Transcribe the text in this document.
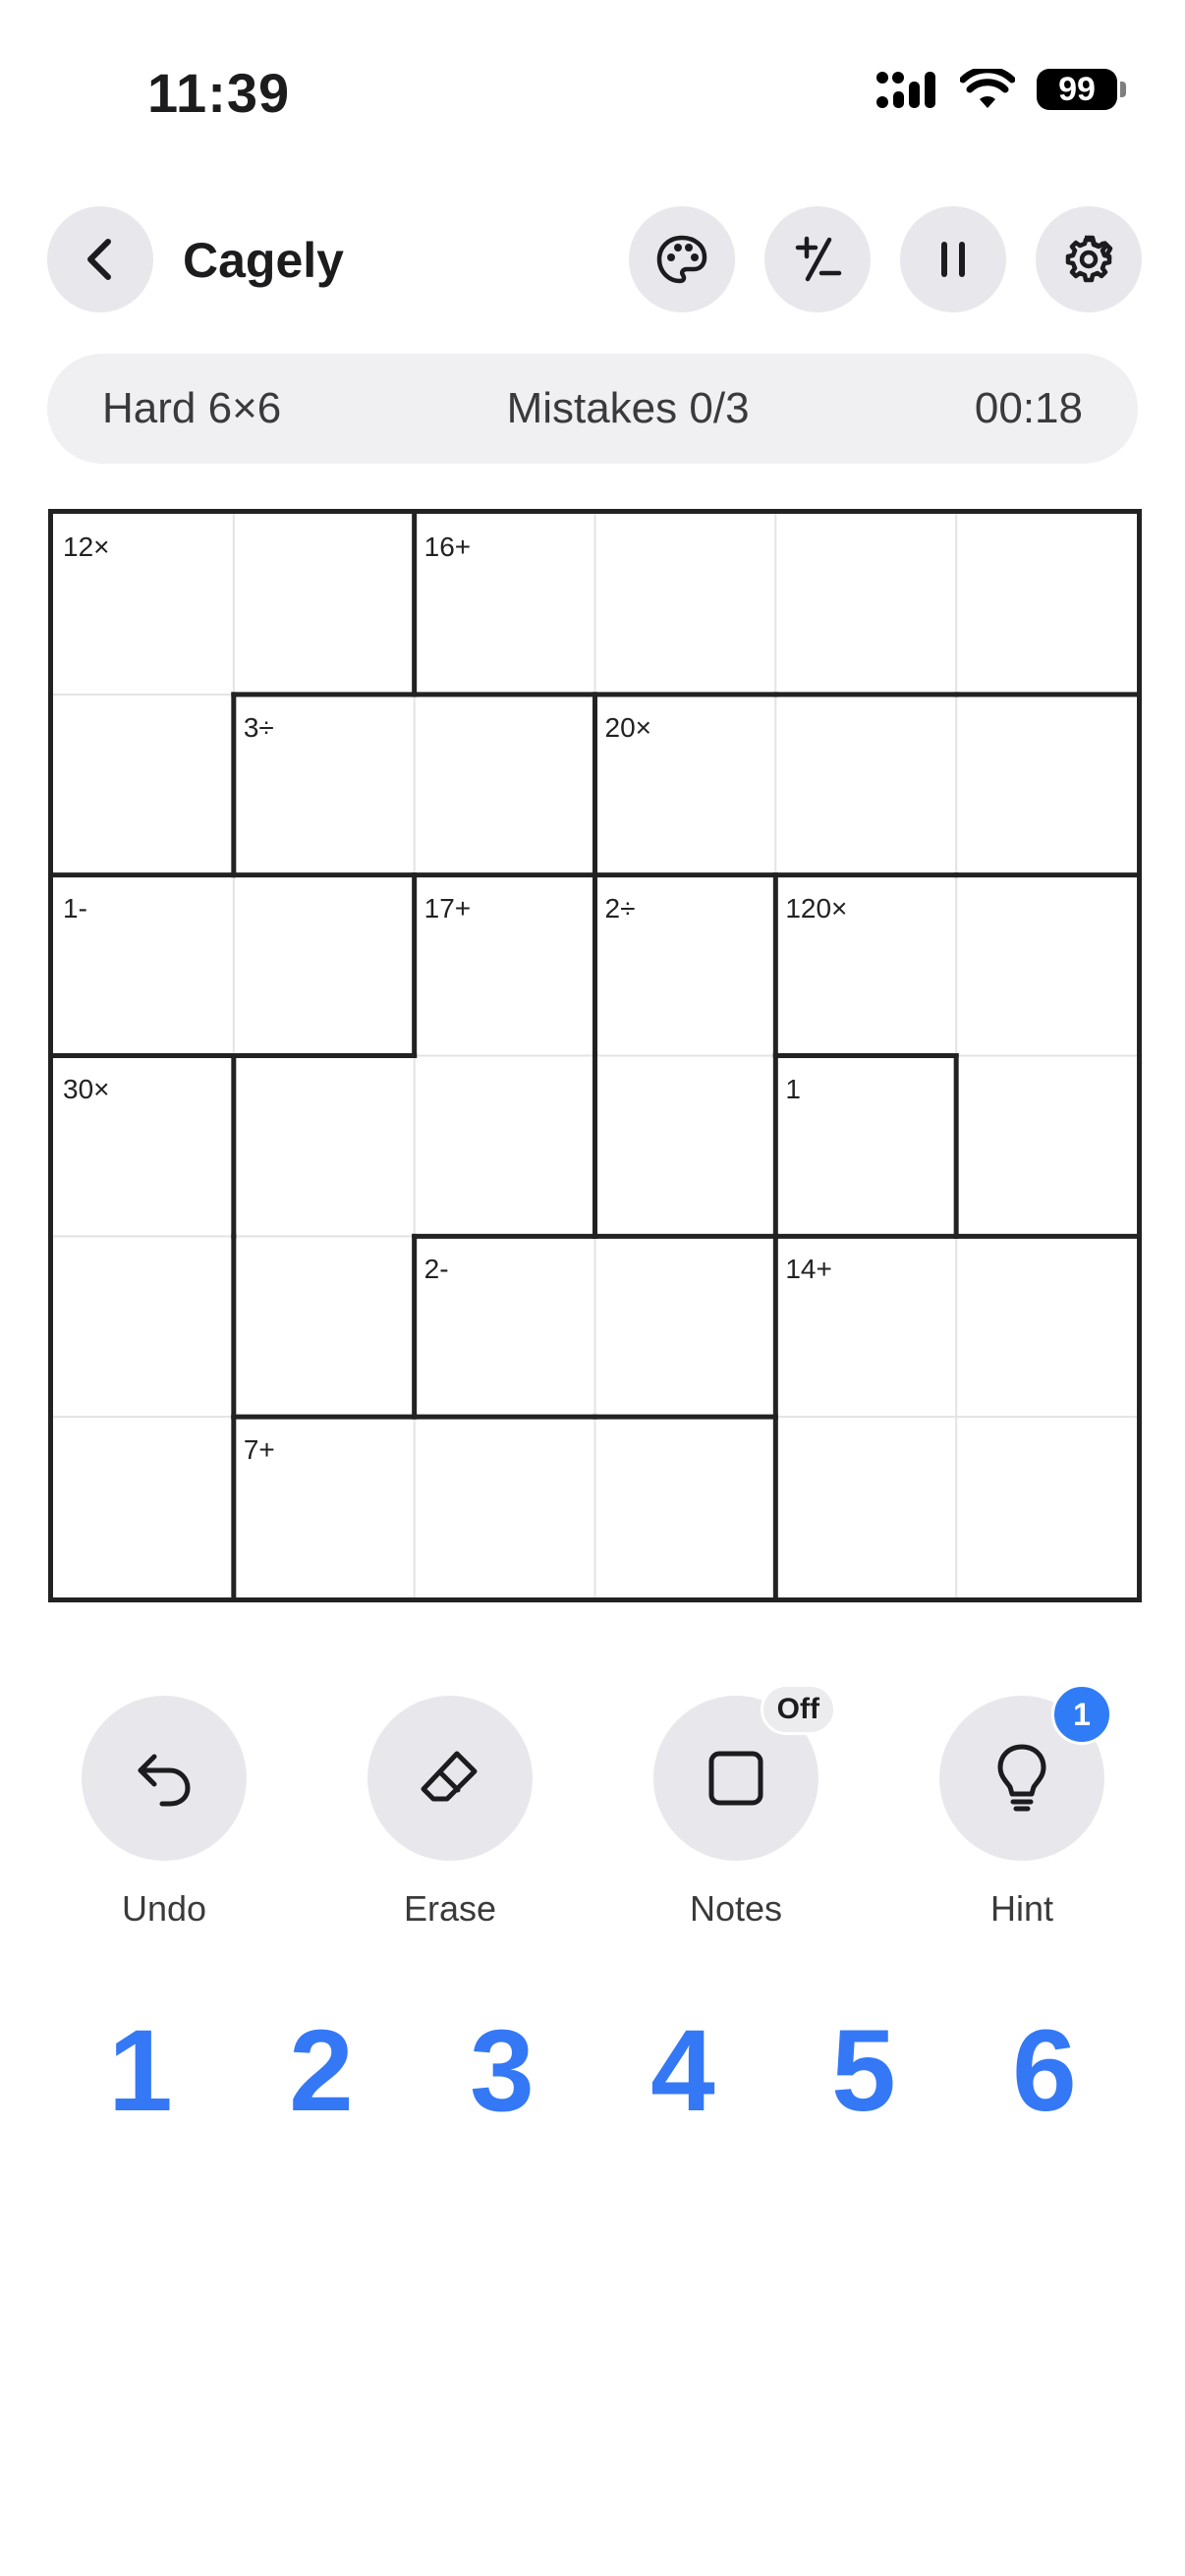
11:39	99
Cagely
Hard 6×6	Mistakes 0/3	00:18
12×	16+
3÷	20×
1-	17+	2÷	120×
30×	1
2-	14+
7+
Undo	Erase
Off
Notes
1
Hint
1 2 3 4 5 6
